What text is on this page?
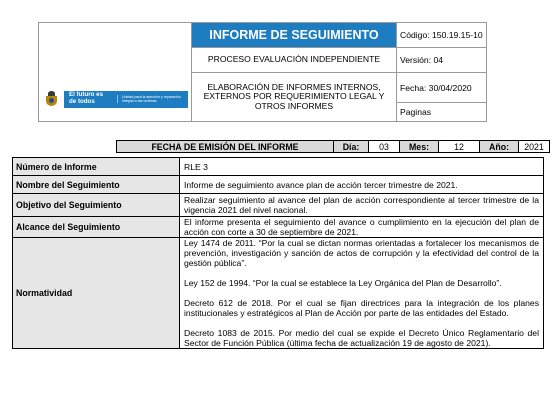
El futuro es de todos
Unidad para la atención y reparación integral a las víctimas	INFORME DE SEGUIMIENTO	Código: 150.19.15-10
	PROCESO EVALUACIÒN INDEPENDIENTE	Versión: 04
	ELABORACIÓN DE INFORMES INTERNOS, EXTERNOS POR REQUERIMIENTO LEGAL Y OTROS INFORMES	Fecha: 30/04/2020
		Paginas
FECHA DE EMISIÓN DEL INFORME	Día:	03	Mes:	12	Año:	2021
Número de Informe	RLE 3
Nombre del Seguimiento	Informe de seguimiento avance plan de acción tercer trimestre de 2021.
Objetivo del Seguimiento	Realizar seguimiento al avance del plan de acción correspondiente al tercer trimestre de la vigencia 2021 del nivel nacional.
Alcance del Seguimiento	El informe presenta el seguimiento del avance o cumplimiento en la ejecución del plan de acción con corte a 30 de septiembre de 2021.
Normatividad	Ley 1474 de 2011. “Por la cual se dictan normas orientadas a fortalecer los mecanismos de prevención, investigación y sanción de actos de corrupción y la efectividad del control de la gestión pública”.

Ley 152 de 1994. “Por la cual se establece la Ley Orgánica del Plan de Desarrollo”.

Decreto 612 de 2018. Por el cual se fijan directrices para la integración de los planes institucionales y estratégicos al Plan de Acción por parte de las entidades del Estado.

Decreto 1083 de 2015. Por medio del cual se expide el Decreto Único Reglamentario del Sector de Función Pública (última fecha de actualización 19 de agosto de 2021).
